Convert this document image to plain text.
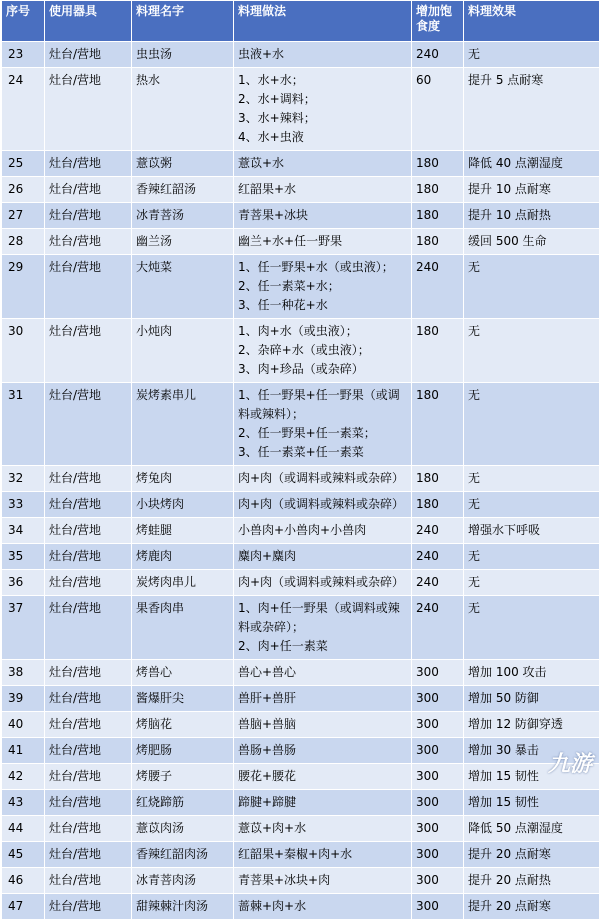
序号	使用器具	料理名字	料理做法	增加饱食度	料理效果
23	灶台/营地	虫虫汤	虫液+水	240	无
24	灶台/营地	热水	1、水+水；
2、水+调料；
3、水+辣料；
4、水+虫液	60	提升 5 点耐寒
25	灶台/营地	薏苡粥	薏苡+水	180	降低 40 点潮湿度
26	灶台/营地	香辣红韶汤	红韶果+水	180	提升 10 点耐寒
27	灶台/营地	冰青菩汤	青菩果+冰块	180	提升 10 点耐热
28	灶台/营地	幽兰汤	幽兰+水+任一野果	180	缓回 500 生命
29	灶台/营地	大炖菜	1、任一野果+水（或虫液）；
2、任一素菜+水；
3、任一种花+水	240	无
30	灶台/营地	小炖肉	1、肉+水（或虫液）；
2、杂碎+水（或虫液）；
3、肉+珍品（或杂碎）	180	无
31	灶台/营地	炭烤素串儿	1、任一野果+任一野果（或调料或辣料）；
2、任一野果+任一素菜；
3、任一素菜+任一素菜	180	无
32	灶台/营地	烤兔肉	肉+肉（或调料或辣料或杂碎）	180	无
33	灶台/营地	小块烤肉	肉+肉（或调料或辣料或杂碎）	180	无
34	灶台/营地	烤蛙腿	小兽肉+小兽肉+小兽肉	240	增强水下呼吸
35	灶台/营地	烤鹿肉	麋肉+麋肉	240	无
36	灶台/营地	炭烤肉串儿	肉+肉（或调料或辣料或杂碎）	240	无
37	灶台/营地	果香肉串	1、肉+任一野果（或调料或辣料或杂碎）；
2、肉+任一素菜	240	无
38	灶台/营地	烤兽心	兽心+兽心	300	增加 100 攻击
39	灶台/营地	酱爆肝尖	兽肝+兽肝	300	增加 50 防御
40	灶台/营地	烤脑花	兽脑+兽脑	300	增加 12 防御穿透
41	灶台/营地	烤肥肠	兽肠+兽肠	300	增加 30 暴击
42	灶台/营地	烤腰子	腰花+腰花	300	增加 15 韧性
43	灶台/营地	红烧蹄筋	蹄腱+蹄腱	300	增加 15 韧性
44	灶台/营地	薏苡肉汤	薏苡+肉+水	300	降低 50 点潮湿度
45	灶台/营地	香辣红韶肉汤	红韶果+秦椒+肉+水	300	提升 20 点耐寒
46	灶台/营地	冰青菩肉汤	青菩果+冰块+肉	300	提升 20 点耐热
47	灶台/营地	甜辣棘汁肉汤	蔷棘+肉+水	300	提升 20 点耐寒
九游
